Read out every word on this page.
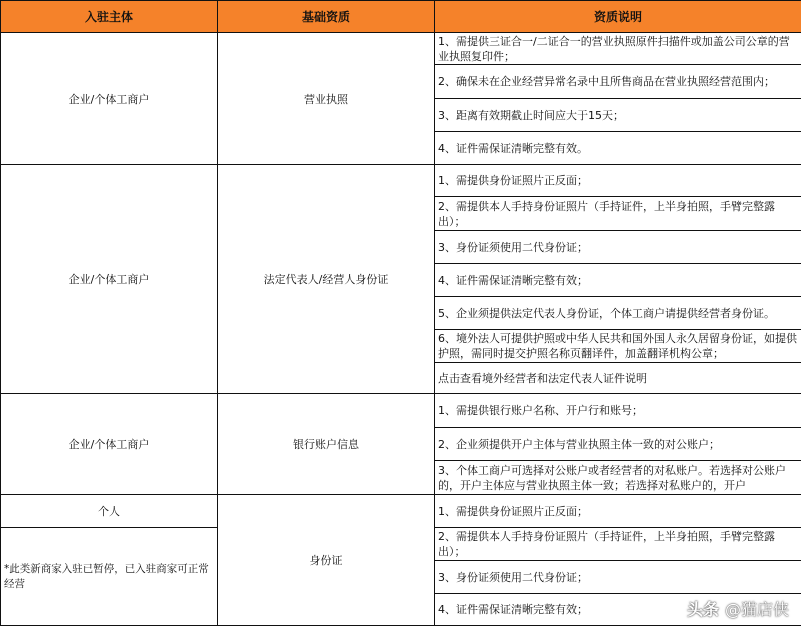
入驻主体	基础资质	资质说明
企业/个体工商户	营业执照	1、需提供三证合一/二证合一的营业执照原件扫描件或加盖公司公章的营业执照复印件；
		2、确保未在企业经营异常名录中且所售商品在营业执照经营范围内；
		3、距离有效期截止时间应大于15天；
		4、证件需保证清晰完整有效。
企业/个体工商户	法定代表人/经营人身份证	1、需提供身份证照片正反面；
		2、需提供本人手持身份证照片（手持证件，上半身拍照，手臂完整露出）；
		3、身份证须使用二代身份证；
		4、证件需保证清晰完整有效；
		5、企业须提供法定代表人身份证，个体工商户请提供经营者身份证。
		6、境外法人可提供护照或中华人民共和国外国人永久居留身份证，如提供护照，需同时提交护照名称页翻译件，加盖翻译机构公章；
		点击查看境外经营者和法定代表人证件说明
企业/个体工商户	银行账户信息	1、需提供银行账户名称、开户行和账号；
		2、企业须提供开户主体与营业执照主体一致的对公账户；
		3、个体工商户可选择对公账户或者经营者的对私账户。若选择对公账户的，开户主体应与营业执照主体一致；若选择对私账户的，开户
个人	身份证	1、需提供身份证照片正反面；
*此类新商家入驻已暂停，已入驻商家可正常经营		2、需提供本人手持身份证照片（手持证件，上半身拍照，手臂完整露出）；
		3、身份证须使用二代身份证；
		4、证件需保证清晰完整有效；	头条 @猫店侠
